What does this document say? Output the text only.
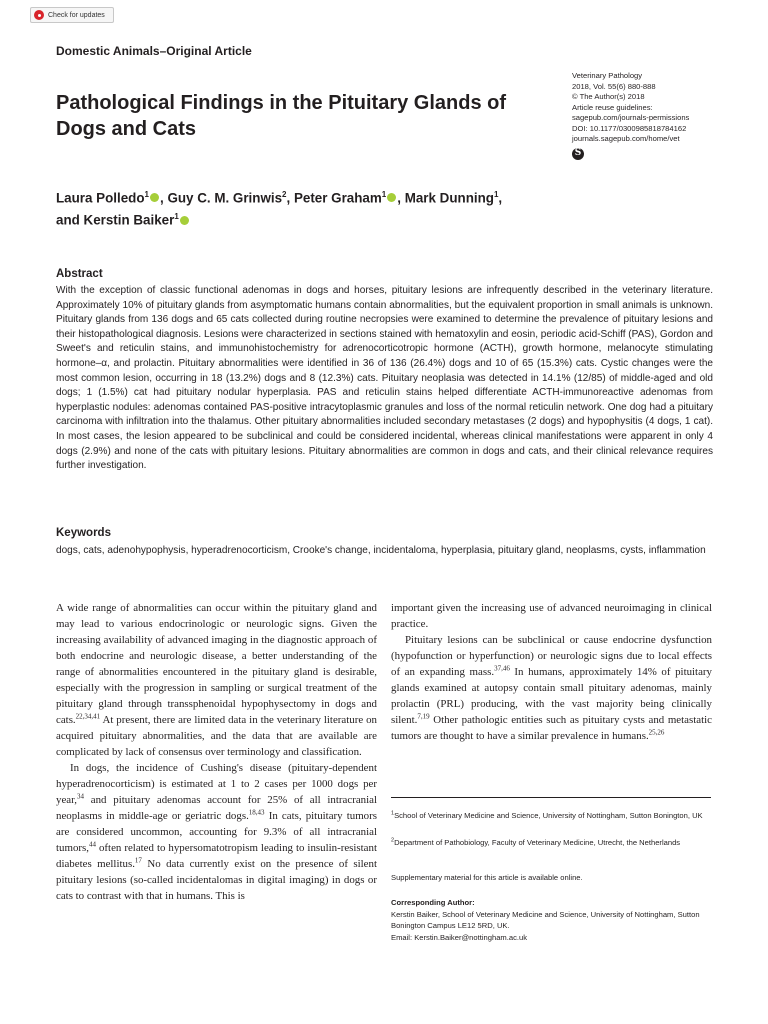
Check for updates
Domestic Animals–Original Article
Veterinary Pathology
2018, Vol. 55(6) 880-888
© The Author(s) 2018
Article reuse guidelines:
sagepub.com/journals-permissions
DOI: 10.1177/0300985818784162
journals.sagepub.com/home/vet
S
Pathological Findings in the Pituitary Glands of Dogs and Cats
Laura Polledo$^1$ , Guy C. M. Grinwis$^2$, Peter Graham$^1$ , Mark Dunning$^1$, and Kerstin Baiker$^1$
Abstract
With the exception of classic functional adenomas in dogs and horses, pituitary lesions are infrequently described in the veterinary literature. Approximately 10% of pituitary glands from asymptomatic humans contain abnormalities, but the equivalent proportion in small animals is unknown. Pituitary glands from 136 dogs and 65 cats collected during routine necropsies were examined to determine the prevalence of pituitary lesions and their histopathological diagnosis. Lesions were characterized in sections stained with hematoxylin and eosin, periodic acid-Schiff (PAS), Gordon and Sweet's and reticulin stains, and immunohistochemistry for adrenocorticotropic hormone (ACTH), growth hormone, melanocyte stimulating hormone–α, and prolactin. Pituitary abnormalities were identified in 36 of 136 (26.4%) dogs and 10 of 65 (15.3%) cats. Cystic changes were the most common lesion, occurring in 18 (13.2%) dogs and 8 (12.3%) cats. Pituitary neoplasia was detected in 14.1% (12/85) of middle-aged and old dogs; 1 (1.5%) cat had pituitary nodular hyperplasia. PAS and reticulin stains helped differentiate ACTH-immunoreactive adenomas from hyperplastic nodules: adenomas contained PAS-positive intracytoplasmic granules and loss of the normal reticulin network. One dog had a pituitary carcinoma with infiltration into the thalamus. Other pituitary abnormalities included secondary metastases (2 dogs) and hypophysitis (4 dogs, 1 cat). In most cases, the lesion appeared to be subclinical and could be considered incidental, whereas clinical manifestations were apparent in only 4 dogs (2.9%) and none of the cats with pituitary lesions. Pituitary abnormalities are common in dogs and cats, and their clinical relevance requires further investigation.
Keywords
dogs, cats, adenohypophysis, hyperadrenocorticism, Crooke's change, incidentaloma, hyperplasia, pituitary gland, neoplasms, cysts, inflammation

A wide range of abnormalities can occur within the pituitary gland and may lead to various endocrinologic or neurologic signs. Given the increasing availability of advanced imaging in the diagnostic approach of both endocrine and neurologic disease, a better understanding of the range of abnormalities encountered in the pituitary gland is desirable, especially with the progression in sampling or surgical treatment of the pituitary gland through transsphenoidal hypophysectomy in dogs and cats.$^{22,34,41}$ At present, there are limited data in the veterinary literature on acquired pituitary abnormalities, and the data that are available are complicated by lack of consensus over terminology and classification.

In dogs, the incidence of Cushing's disease (pituitary-dependent hyperadrenocorticism) is estimated at 1 to 2 cases per 1000 dogs per year,$^{34}$ and pituitary adenomas account for 25% of all intracranial neoplasms in middle-age or geriatric dogs.$^{18,43}$ In cats, pituitary tumors are considered uncommon, accounting for 9.3% of all intracranial tumors,$^{44}$ often related to hypersomatotropism leading to insulin-resistant diabetes mellitus.$^{17}$ No data currently exist on the presence of silent pituitary lesions (so-called incidentalomas in digital imaging) in dogs or cats to contrast with that in humans. This is

important given the increasing use of advanced neuroimaging in clinical practice.

Pituitary lesions can be subclinical or cause endocrine dysfunction (hypofunction or hyperfunction) or neurologic signs due to local effects of an expanding mass.$^{37,46}$ In humans, approximately 14% of pituitary glands examined at autopsy contain small pituitary adenomas, mainly prolactin (PRL) producing, with the vast majority being clinically silent.$^{7,19}$ Other pathologic entities such as pituitary cysts and metastatic tumors are thought to have a similar prevalence in humans.$^{25,26}$

$^1$School of Veterinary Medicine and Science, University of Nottingham, Sutton Bonington, UK
$^2$Department of Pathobiology, Faculty of Veterinary Medicine, Utrecht, the Netherlands
Supplementary material for this article is available online.
Corresponding Author:
Kerstin Baiker, School of Veterinary Medicine and Science, University of Nottingham, Sutton Bonington Campus LE12 5RD, UK.
Email: Kerstin.Baiker@nottingham.ac.uk
